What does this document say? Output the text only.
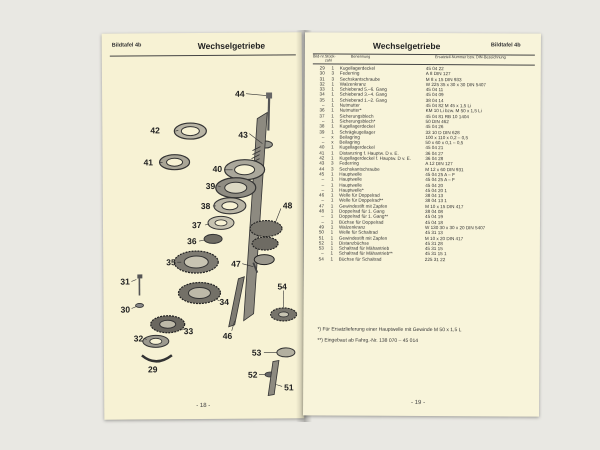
Bildtafel 4b	Wechselgetriebe
44
42	43
41
40
39
38
37
36
35	47
48
34
33
30
31
32
29
46
54
53
52
51
- 18 -
Wechselgetriebe	Bildtafel 4b
Bild-nr. Stück-zahl
Benennung	Ersatzteil-Nummer bzw. DIN-Bezeichnung
29	1	Kugellagerdeckel	45 04 22
30	3	Federring	A 8 DIN 127
31	3	Sechskantschraube	M 8 x 15 DIN 933
32	1	Walzenkranz	W 225 35 x 30 x 30 DIN 5407
33	1	Schieberad 5.–6. Gang	45 04 11
34	1	Schieberad 3.–4. Gang	45 04 09
35	1	Schieberad 1.–2. Gang	38 04 14
–	1	Nutmutter	45 04 82 M 45 x 1,5 Li
36	1	Nutmutter*	KM 10 Li bzw. M 50 x 1,5 Li
37	1	Sicherungsblech	45 04 81 RB 10 1404
–	1	Sicherungsblech*	50 DIN 462
38	1	Kugellagerdeckel	45 04 26
39	1	Schrägkugellager	33 10 D DIN 628
–	x	Beilagring	100 x 110 x 0,2 – 0,5
–	x	Beilagring	50 x 60 x 0,1 – 0,5
40	1	Kugellagerdeckel	45 04 21
41	1	Distanzring f. Hauptw. D v. E.	36 04 27
42	1	Kugellagerdeckel f. Hauptw. D v. E.	36 04 28
43	3	Federring	A 12 DIN 127
44	3	Sechskantschraube	M 12 x 60 DIN 931
45	1	Hauptwelle	45 04 25 A – F
–	1	Hauptwelle	45 04 25 A – F
–	1	Hauptwelle	45 04 20
–	1	Hauptwelle*	45 04 20 1
46	1	Welle für Doppelrad	38 04 13
–	1	Welle für Doppelrad**	38 04 13 1
47	1	Gewindestift mit Zapfen	M 10 x 15 DIN 417
48	1	Doppelrad für 1. Gang	38 04 08
–	1	Doppelrad für 1. Gang**	45 04 19
–	1	Büchse für Doppelrad	45 04 18
49	1	Walzenkranz	W 130 30 x 30 x 20 DIN 5407
50	1	Welle für Schaltrad	45 31 13
51	1	Gewindestift mit Zapfen	M 10 x 20 DIN 417
52	1	Distanzbüchse	45 31 28
53	1	Schaltrad für Mähantrieb	45 31 15
–	1	Schaltrad für Mähantrieb**	45 31 15 1
54	1	Büchse für Schaltrad	225 31 22
*) Für Ersatzlieferung einer Hauptwelle mit Gewinde M 50 x 1,5 L
**) Eingebaut ab Fahrg.-Nr. 138 070 – 45 014
- 19 -
